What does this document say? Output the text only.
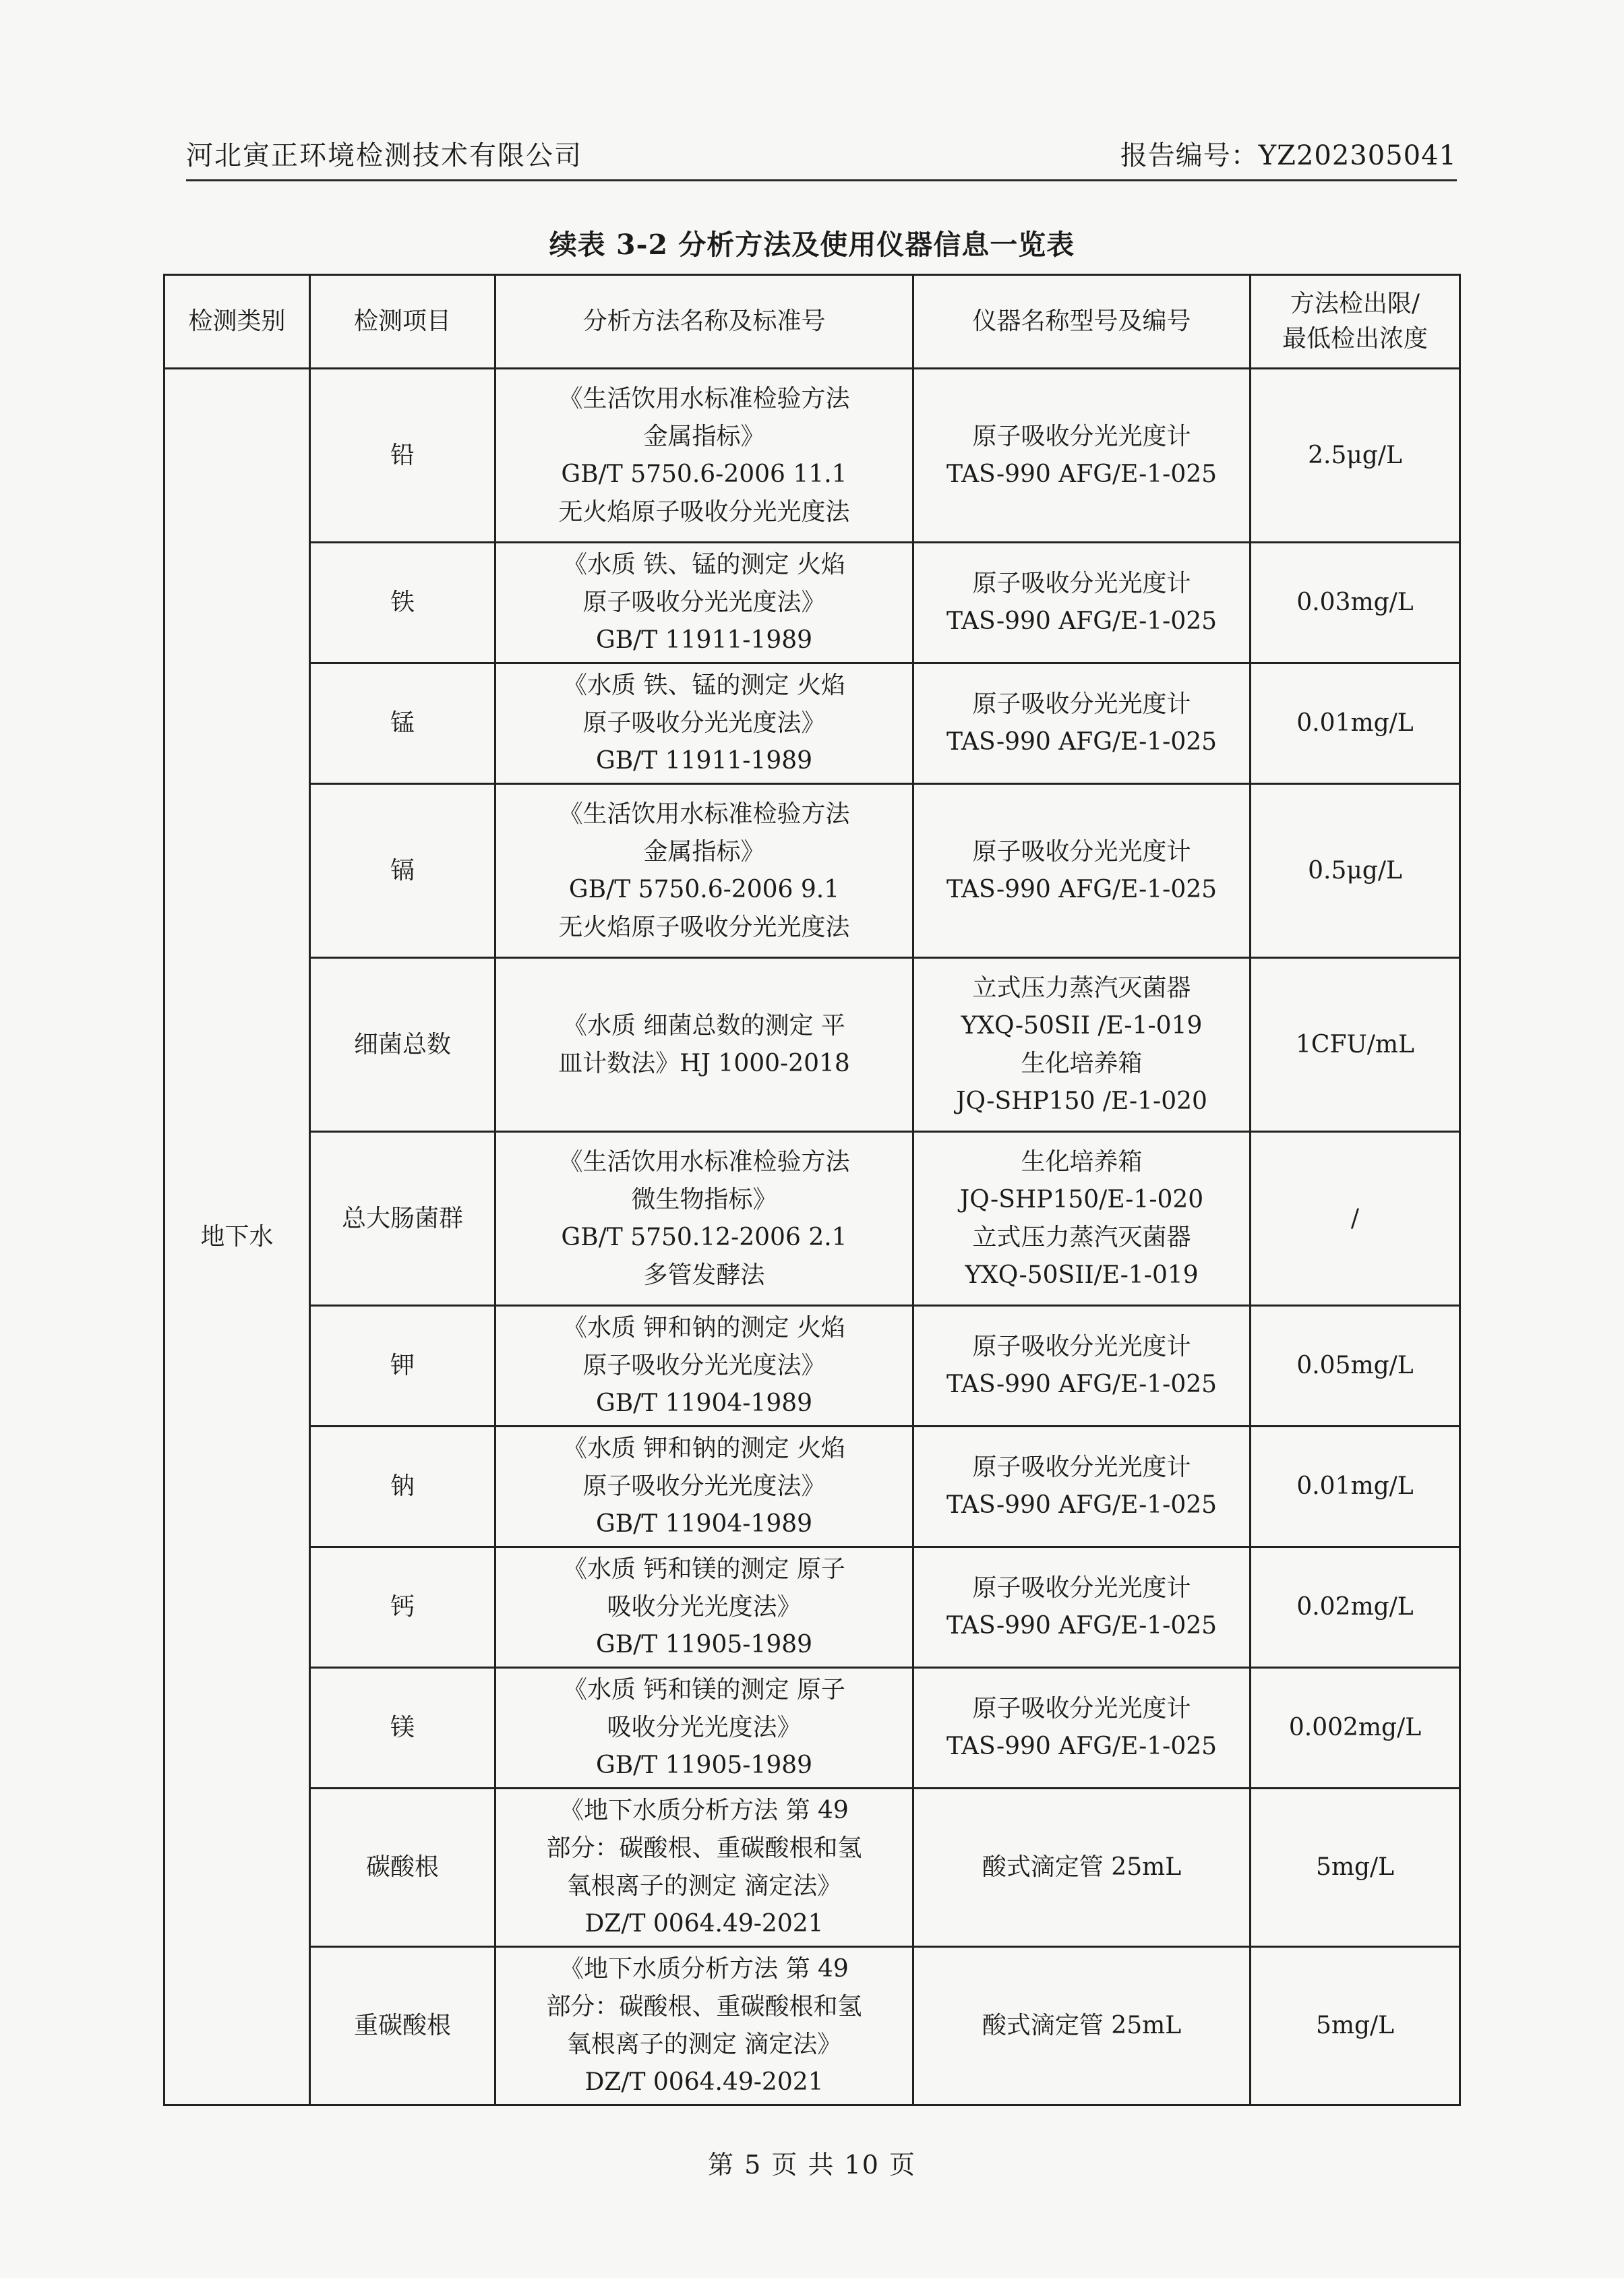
河北寅正环境检测技术有限公司	报告编号：YZ202305041
续表 3-2 分析方法及使用仪器信息一览表
检测类别	检测项目	分析方法名称及标准号	仪器名称型号及编号	方法检出限/
最低检出浓度

地下水	铅	《生活饮用水标准检验方法
金属指标》
GB/T 5750.6-2006 11.1
无火焰原子吸收分光光度法	原子吸收分光光度计
TAS-990 AFG/E-1-025	2.5μg/L
	铁	《水质 铁、锰的测定 火焰
原子吸收分光光度法》
GB/T 11911-1989	原子吸收分光光度计
TAS-990 AFG/E-1-025	0.03mg/L
	锰	《水质 铁、锰的测定 火焰
原子吸收分光光度法》
GB/T 11911-1989	原子吸收分光光度计
TAS-990 AFG/E-1-025	0.01mg/L
	镉	《生活饮用水标准检验方法
金属指标》
GB/T 5750.6-2006 9.1
无火焰原子吸收分光光度法	原子吸收分光光度计
TAS-990 AFG/E-1-025	0.5μg/L
	细菌总数	《水质 细菌总数的测定 平
皿计数法》HJ 1000-2018	立式压力蒸汽灭菌器
YXQ-50SII /E-1-019
生化培养箱
JQ-SHP150 /E-1-020	1CFU/mL
	总大肠菌群	《生活饮用水标准检验方法
微生物指标》
GB/T 5750.12-2006 2.1
多管发酵法	生化培养箱
JQ-SHP150/E-1-020
立式压力蒸汽灭菌器
YXQ-50SII/E-1-019	/
	钾	《水质 钾和钠的测定 火焰
原子吸收分光光度法》
GB/T 11904-1989	原子吸收分光光度计
TAS-990 AFG/E-1-025	0.05mg/L
	钠	《水质 钾和钠的测定 火焰
原子吸收分光光度法》
GB/T 11904-1989	原子吸收分光光度计
TAS-990 AFG/E-1-025	0.01mg/L
	钙	《水质 钙和镁的测定 原子
吸收分光光度法》
GB/T 11905-1989	原子吸收分光光度计
TAS-990 AFG/E-1-025	0.02mg/L
	镁	《水质 钙和镁的测定 原子
吸收分光光度法》
GB/T 11905-1989	原子吸收分光光度计
TAS-990 AFG/E-1-025	0.002mg/L
	碳酸根	《地下水质分析方法 第 49
部分：碳酸根、重碳酸根和氢
氧根离子的测定 滴定法》
DZ/T 0064.49-2021	酸式滴定管 25mL	5mg/L
	重碳酸根	《地下水质分析方法 第 49
部分：碳酸根、重碳酸根和氢
氧根离子的测定 滴定法》
DZ/T 0064.49-2021	酸式滴定管 25mL	5mg/L
第 5 页 共 10 页
